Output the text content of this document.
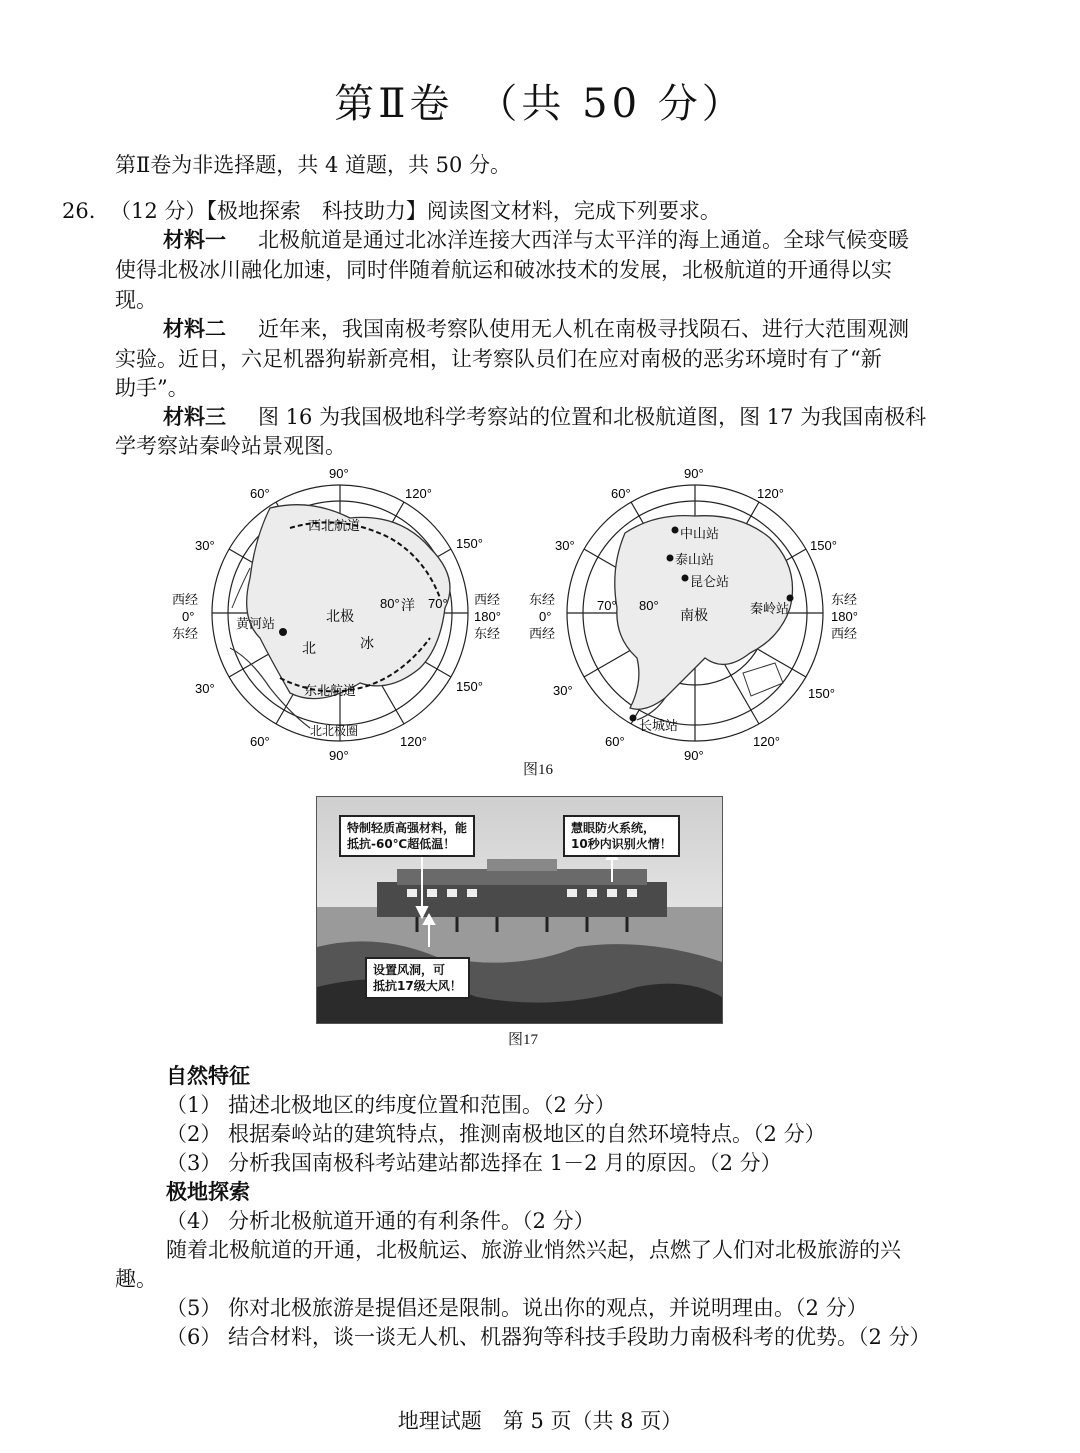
第Ⅱ卷　（共 50 分）
第Ⅱ卷为非选择题，共 4 道题，共 50 分。
26. （12 分）【极地探索　科技助力】阅读图文材料，完成下列要求。
材料一 北极航道是通过北冰洋连接大西洋与太平洋的海上通道。全球气候变暖
使得北极冰川融化加速，同时伴随着航运和破冰技术的发展，北极航道的开通得以实
现。
材料二 近年来，我国南极考察队使用无人机在南极寻找陨石、进行大范围观测
实验。近日，六足机器狗崭新亮相，让考察队员们在应对南极的恶劣环境时有了“新
助手”。
材料三 图 16 为我国极地科学考察站的位置和北极航道图，图 17 为我国南极科
学考察站秦岭站景观图。
90°
90°
60°
60°
120°
120°
30°
30°
150°
150°
西经
0°
东经
西经
180°
东经
80° 70°
北极
北	冰
洋
西北航道
东北航道
北北极圈
黄河站
90°
90°
60°
60°
120°
120°
30°
30°
150°
150°
东经
0°
西经
东经
180°
西经
70° 80°
南极
中山站
泰山站
昆仑站
秦岭站
长城站
图16
特制轻质高强材料，能
抵抗-60℃超低温！
慧眼防火系统，
10秒内识别火情！
设置风洞，可
抵抗17级大风！
图17
自然特征
（1） 描述北极地区的纬度位置和范围。（2 分）
（2） 根据秦岭站的建筑特点，推测南极地区的自然环境特点。（2 分）
（3） 分析我国南极科考站建站都选择在 1－2 月的原因。（2 分）
极地探索
（4） 分析北极航道开通的有利条件。（2 分）
随着北极航道的开通，北极航运、旅游业悄然兴起，点燃了人们对北极旅游的兴
趣。
（5） 你对北极旅游是提倡还是限制。说出你的观点，并说明理由。（2 分）
（6） 结合材料，谈一谈无人机、机器狗等科技手段助力南极科考的优势。（2 分）
地理试题　第 5 页（共 8 页）
